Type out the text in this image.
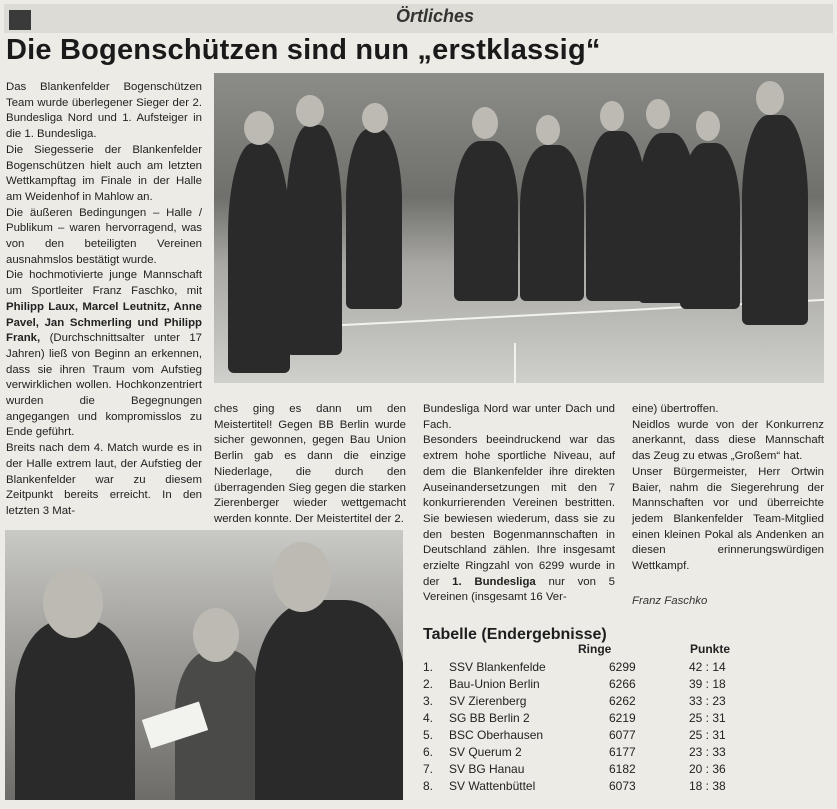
Örtliches
Die Bogenschützen sind nun „erstklassig“

Das Blankenfelder Bogenschützen Team wurde überlegener Sieger der 2. Bundesliga Nord und 1. Aufsteiger in die 1. Bundesliga.

Die Siegesserie der Blankenfelder Bogenschützen hielt auch am letzten Wettkampftag im Finale in der Halle am Weidenhof in Mahlow an.

Die äußeren Bedingungen – Halle / Publikum – waren hervorragend, was von den beteiligten Vereinen ausnahmslos bestätigt wurde.

Die hochmotivierte junge Mannschaft um Sportleiter Franz Faschko, mit Philipp Laux, Marcel Leutnitz, Anne Pavel, Jan Schmerling und Philipp Frank, (Durchschnittsalter unter 17 Jahren) ließ von Beginn an erkennen, dass sie ihren Traum vom Aufstieg verwirklichen wollen. Hochkonzentriert wurden die Begegnungen angegangen und kompromisslos zu Ende geführt.

Breits nach dem 4. Match wurde es in der Halle extrem laut, der Aufstieg der Blankenfelder war zu diesem Zeitpunkt bereits erreicht. In den letzten 3 Mat-

ches ging es dann um den Meistertitel! Gegen BB Berlin wurde sicher gewonnen, gegen Bau Union Berlin gab es dann die einzige Niederlage, die durch den überragenden Sieg gegen die starken Zierenberger wieder wettgemacht werden konnte. Der Meistertitel der 2.

Bundesliga Nord war unter Dach und Fach.

Besonders beeindruckend war das extrem hohe sportliche Niveau, auf dem die Blankenfelder ihre direkten Auseinandersetzungen mit den 7 konkurrierenden Vereinen bestritten. Sie bewiesen wiederum, dass sie zu den besten Bogenmannschaften in Deutschland zählen. Ihre insgesamt erzielte Ringzahl von 6299 wurde in der 1. Bundesliga nur von 5 Vereinen (insgesamt 16 Ver-

eine) übertroffen.

Neidlos wurde von der Konkurrenz anerkannt, dass diese Mannschaft das Zeug zu etwas „Großem“ hat.

Unser Bürgermeister, Herr Ortwin Baier, nahm die Siegerehrung der Mannschaften vor und überreichte jedem Blankenfelder Team-Mitglied einen kleinen Pokal als Andenken an diesen erinnerungswürdigen Wettkampf.

Franz Faschko
Tabelle (Endergebnisse)
Ringe	Punkte
1. SSV Blankenfelde	6299	42 : 14
2. Bau-Union Berlin	6266	39 : 18
3. SV Zierenberg	6262	33 : 23
4. SG BB Berlin 2	6219	25 : 31
5. BSC Oberhausen	6077	25 : 31
6. SV Querum 2	6177	23 : 33
7. SV BG Hanau	6182	20 : 36
8. SV Wattenbüttel	6073	18 : 38
